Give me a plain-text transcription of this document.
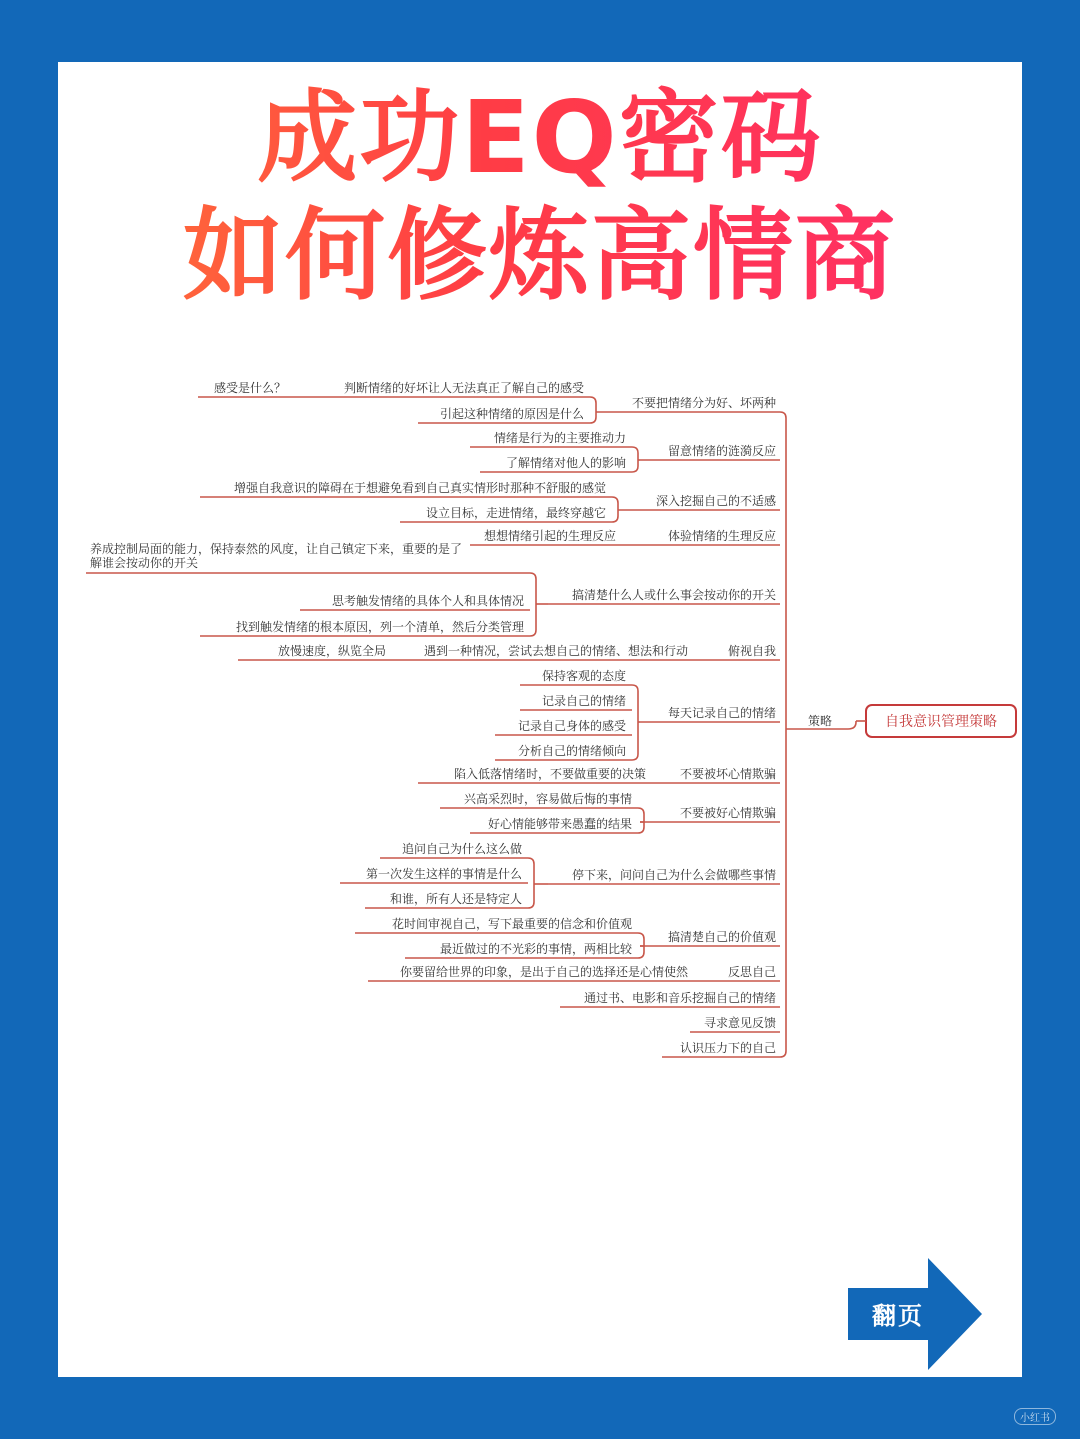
成功EQ密码
如何修炼高情商
自我意识管理策略
策略
不要把情绪分为好、坏两种
判断情绪的好坏让人无法真正了解自己的感受
感受是什么？
引起这种情绪的原因是什么
留意情绪的涟漪反应
情绪是行为的主要推动力
了解情绪对他人的影响
深入挖掘自己的不适感
增强自我意识的障碍在于想避免看到自己真实情形时那种不舒服的感觉
设立目标，走进情绪，最终穿越它
体验情绪的生理反应
想想情绪引起的生理反应
搞清楚什么人或什么事会按动你的开关
养成控制局面的能力，保持泰然的风度，让自己镇定下来，重要的是了解谁会按动你的开关
思考触发情绪的具体个人和具体情况
找到触发情绪的根本原因，列一个清单，然后分类管理
俯视自我
遇到一种情况，尝试去想自己的情绪、想法和行动
放慢速度，纵览全局
每天记录自己的情绪
保持客观的态度
记录自己的情绪
记录自己身体的感受
分析自己的情绪倾向
不要被坏心情欺骗
陷入低落情绪时，不要做重要的决策
不要被好心情欺骗
兴高采烈时，容易做后悔的事情
好心情能够带来愚蠢的结果
停下来，问问自己为什么会做哪些事情
追问自己为什么这么做
第一次发生这样的事情是什么
和谁，所有人还是特定人
搞清楚自己的价值观
花时间审视自己，写下最重要的信念和价值观
最近做过的不光彩的事情，两相比较
反思自己
你要留给世界的印象，是出于自己的选择还是心情使然
通过书、电影和音乐挖掘自己的情绪
寻求意见反馈
认识压力下的自己
翻页
小红书
